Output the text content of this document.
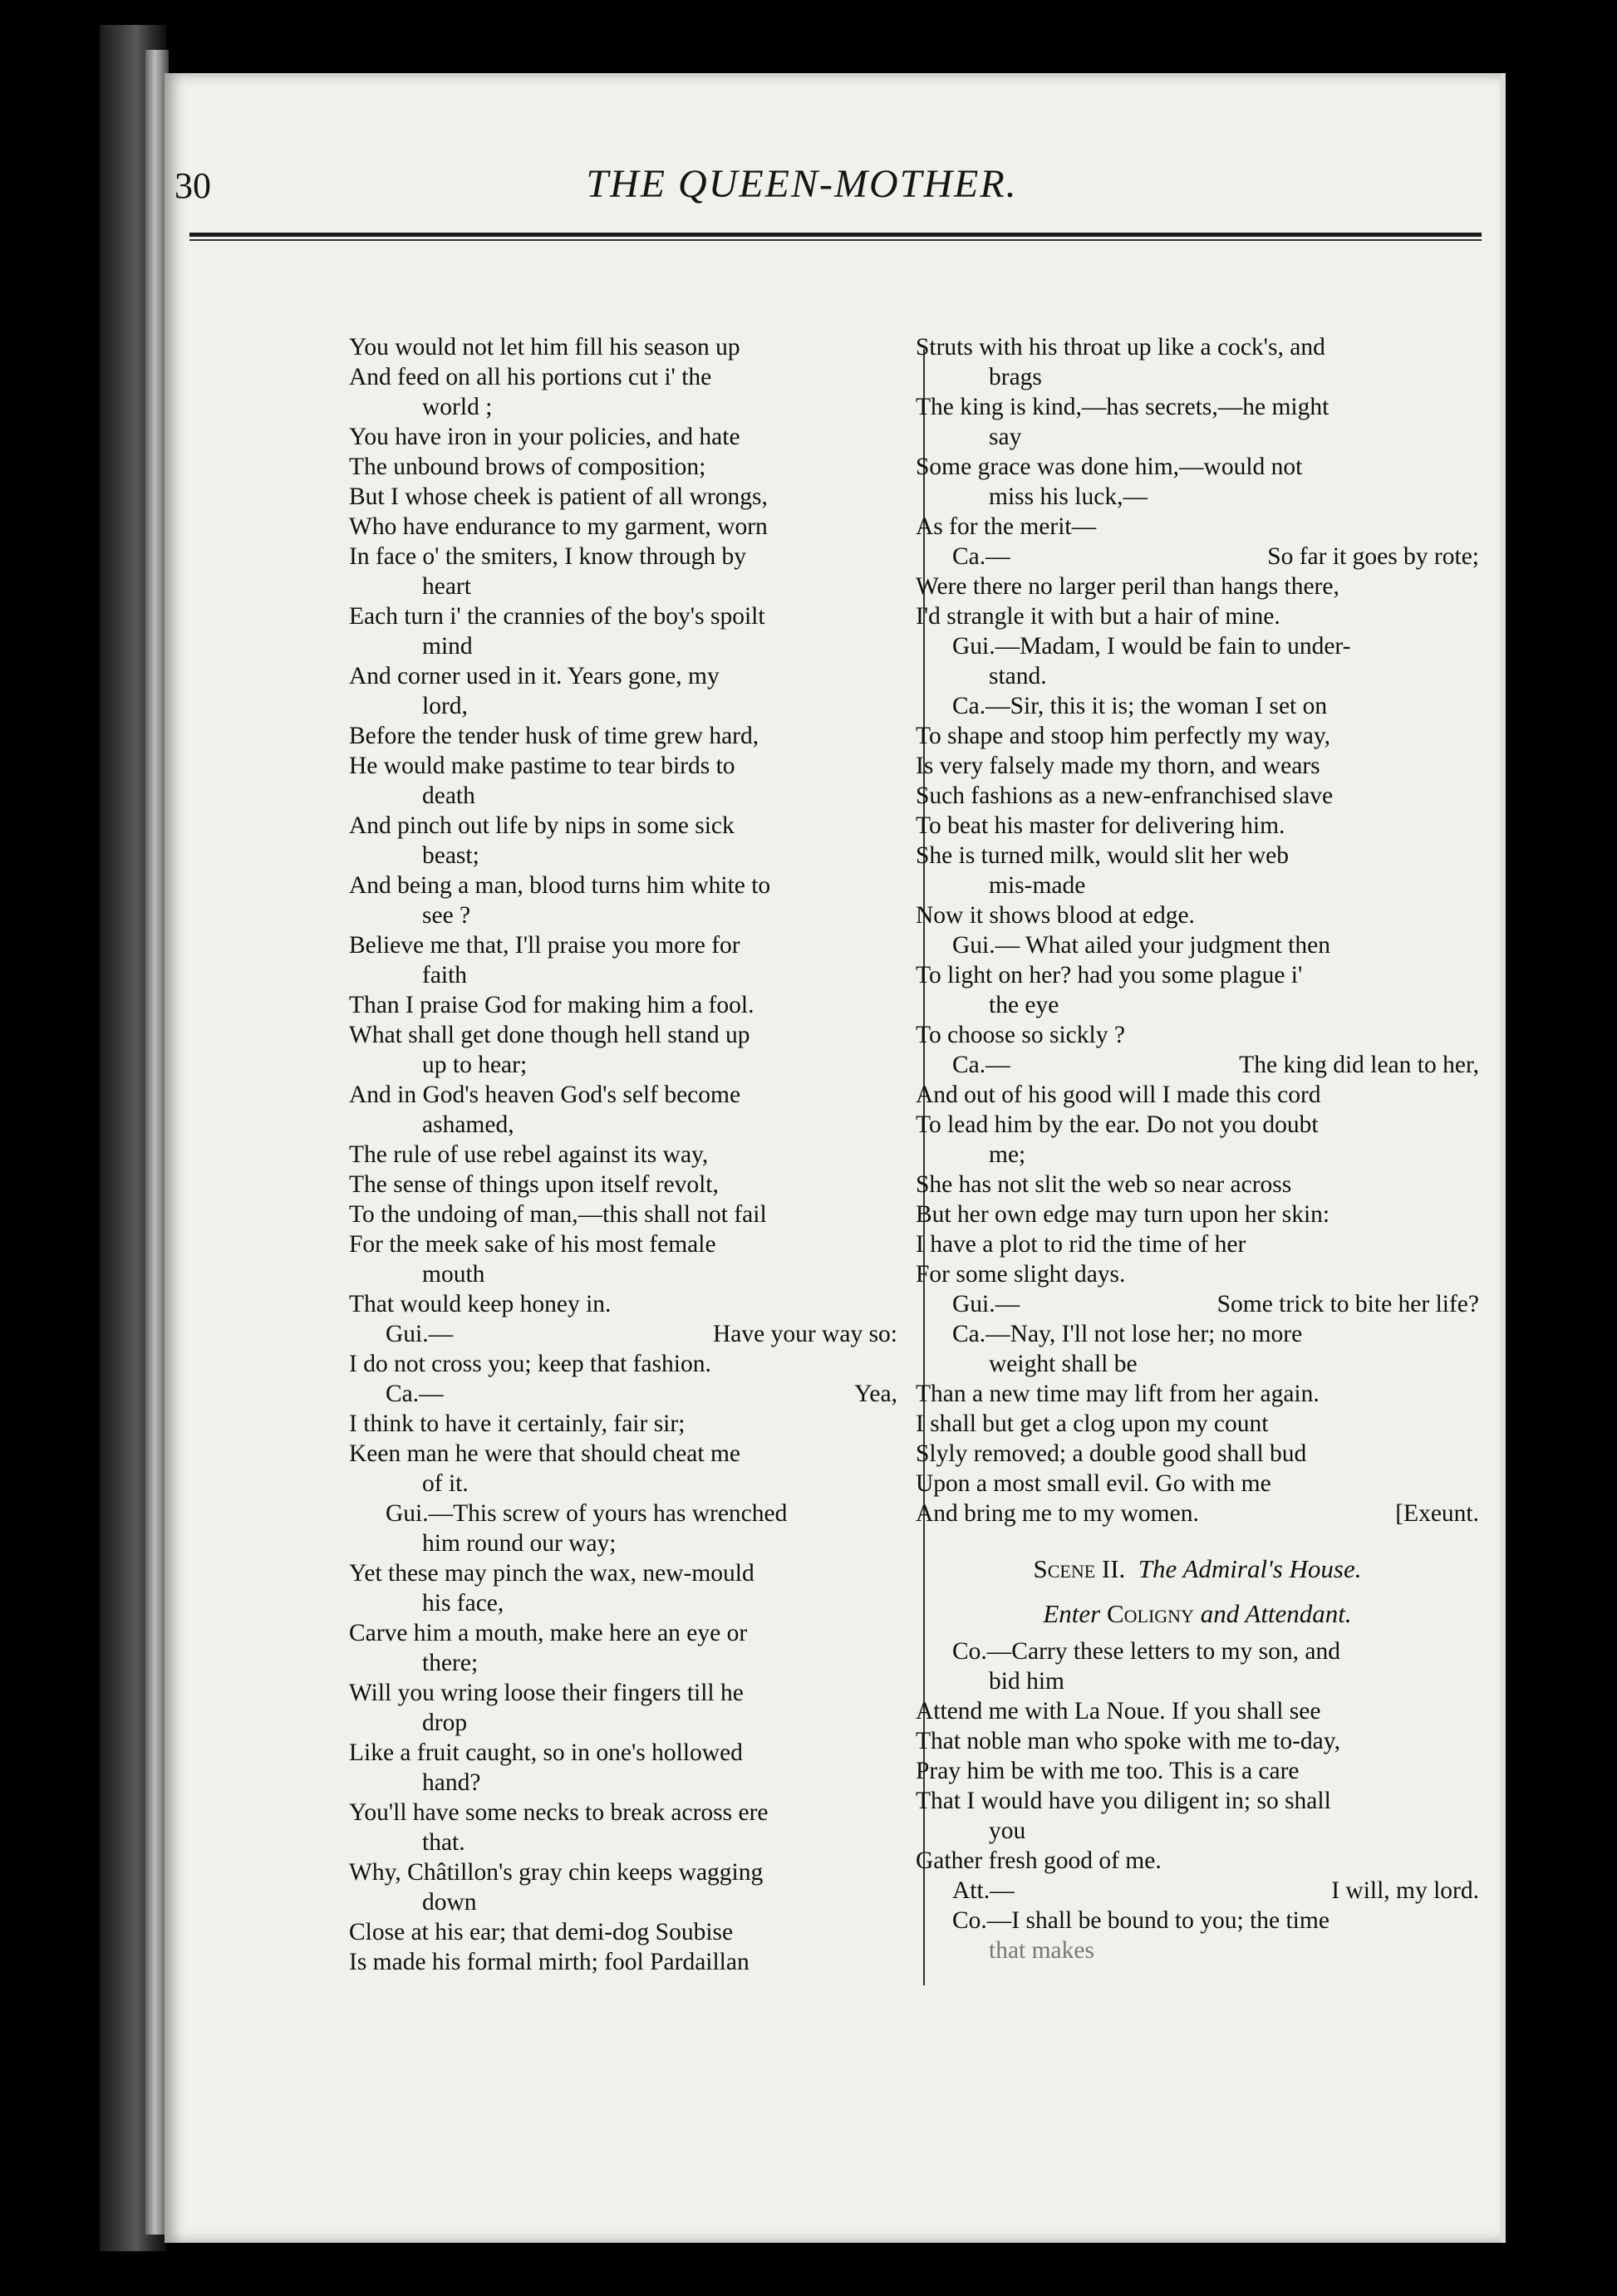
30	THE QUEEN-MOTHER.
You would not let him fill his season up
And feed on all his portions cut i' the
world ;
You have iron in your policies, and hate
The unbound brows of composition;
But I whose cheek is patient of all wrongs,
Who have endurance to my garment, worn
In face o' the smiters, I know through by
heart
Each turn i' the crannies of the boy's spoilt
mind
And corner used in it. Years gone, my
lord,
Before the tender husk of time grew hard,
He would make pastime to tear birds to
death
And pinch out life by nips in some sick
beast;
And being a man, blood turns him white to
see ?
Believe me that, I'll praise you more for
faith
Than I praise God for making him a fool.
What shall get done though hell stand up
up to hear;
And in God's heaven God's self become
ashamed,
The rule of use rebel against its way,
The sense of things upon itself revolt,
To the undoing of man,—this shall not fail
For the meek sake of his most female
mouth
That would keep honey in.
Gui.—	Have your way so:
I do not cross you; keep that fashion.
Ca.—	Yea,
I think to have it certainly, fair sir;
Keen man he were that should cheat me
of it.
Gui.—This screw of yours has wrenched
him round our way;
Yet these may pinch the wax, new-mould
his face,
Carve him a mouth, make here an eye or
there;
Will you wring loose their fingers till he
drop
Like a fruit caught, so in one's hollowed
hand?
You'll have some necks to break across ere
that.
Why, Châtillon's gray chin keeps wagging
down
Close at his ear; that demi-dog Soubise
Is made his formal mirth; fool Pardaillan
Struts with his throat up like a cock's, and
brags
The king is kind,—has secrets,—he might
say
Some grace was done him,—would not
miss his luck,—
As for the merit—
Ca.—	So far it goes by rote;
Were there no larger peril than hangs there,
I'd strangle it with but a hair of mine.
Gui.—Madam, I would be fain to under-
stand.
Ca.—Sir, this it is; the woman I set on
To shape and stoop him perfectly my way,
Is very falsely made my thorn, and wears
Such fashions as a new-enfranchised slave
To beat his master for delivering him.
She is turned milk, would slit her web
mis-made
Now it shows blood at edge.
Gui.— What ailed your judgment then
To light on her? had you some plague i'
the eye
To choose so sickly ?
Ca.—	The king did lean to her,
And out of his good will I made this cord
To lead him by the ear. Do not you doubt
me;
She has not slit the web so near across
But her own edge may turn upon her skin:
I have a plot to rid the time of her
For some slight days.
Gui.—	Some trick to bite her life?
Ca.—Nay, I'll not lose her; no more
weight shall be
Than a new time may lift from her again.
I shall but get a clog upon my count
Slyly removed; a double good shall bud
Upon a most small evil. Go with me
And bring me to my women.	[Exeunt.
Scene II. The Admiral's House.
Enter Coligny and Attendant.
Co.—Carry these letters to my son, and
bid him
Attend me with La Noue. If you shall see
That noble man who spoke with me to-day,
Pray him be with me too. This is a care
That I would have you diligent in; so shall
you
Gather fresh good of me.
Att.—	I will, my lord.
Co.—I shall be bound to you; the time
that makes
